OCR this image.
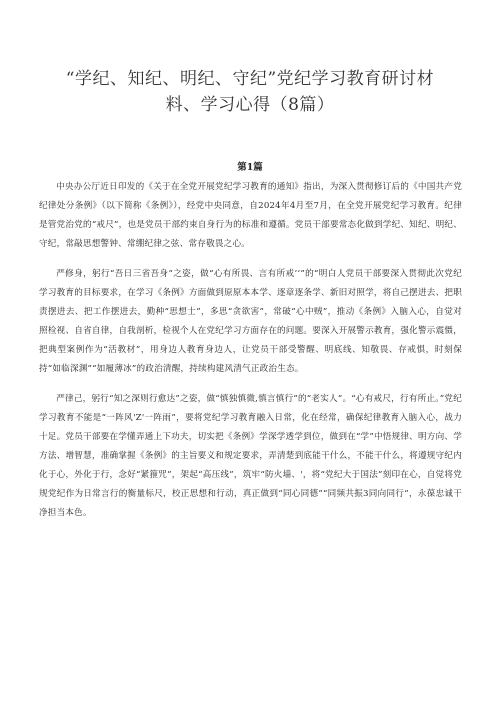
“学纪、知纪、明纪、守纪”党纪学习教育研讨材料、学习心得（8篇）
第1篇

中央办公厅近日印发的《关于在全党开展党纪学习教育的通知》指出，为深入贯彻修订后的《中国共产党纪律处分条例》（以下简称《条例》），经党中央同意，自2024年4月至7月，在全党开展党纪学习教育。纪律是管党治党的“戒尺”，也是党员干部约束自身行为的标准和遵循。党员干部要常态化做到学纪、知纪、明纪、守纪，常敲思想警钟、常绷纪律之弦、常存敬畏之心。

严修身，躬行“吾日三省吾身”之姿，做“心有所畏、言有所戒’‘”的“明白人党员干部要深入贯彻此次党纪学习教育的目标要求，在学习《条例》方面做到原原本本学、逐章逐条学、新旧对照学，将自己摆进去、把职责摆进去、把工作摆进去，勤种“思想士”，多思“贪欲害”，常破“心中贼”，推动《条例》入脑入心，自觉对照检视、自省自律，自我剖析，检视个人在党纪学习方面存在的问题。要深入开展警示教育，强化警示震慑，把典型案例作为“活教材”，用身边人教育身边人，让党员干部受警醒、明底线、知敬畏、存戒惧，时刻保持“如临深渊”“如履薄冰”的政治清醒，持续构建风清气正政治生态。

严律己，躬行“知之深则行愈达”之姿，做“慎独慎微,慎言慎行”的“老实人”。“心有戒尺，行有所止。”党纪学习教育不能是“一阵风'Z'一阵雨”，要将党纪学习教育融入日常，化在经常，确保纪律教育入脑入心，战力十足。党员干部要在学懂弄通上下功夫，切实把《条例》学深学透学到位，做到在“学”中悟规律、明方向、学方法、增智慧，准确掌握《条例》的主旨要义和规定要求，弄清楚到底能干什么，不能干什么，将遵规守纪内化于心，外化于行，念好“紧箍咒”，架起“高压线”，筑牢“防火墙、'，将“党纪大于国法”刻印在心，自觉将党规党纪作为日常言行的衡量标尺，校正思想和行动，真正做到“同心同德”“同频共振3同向同行”，永葆忠诚干净担当本色。
